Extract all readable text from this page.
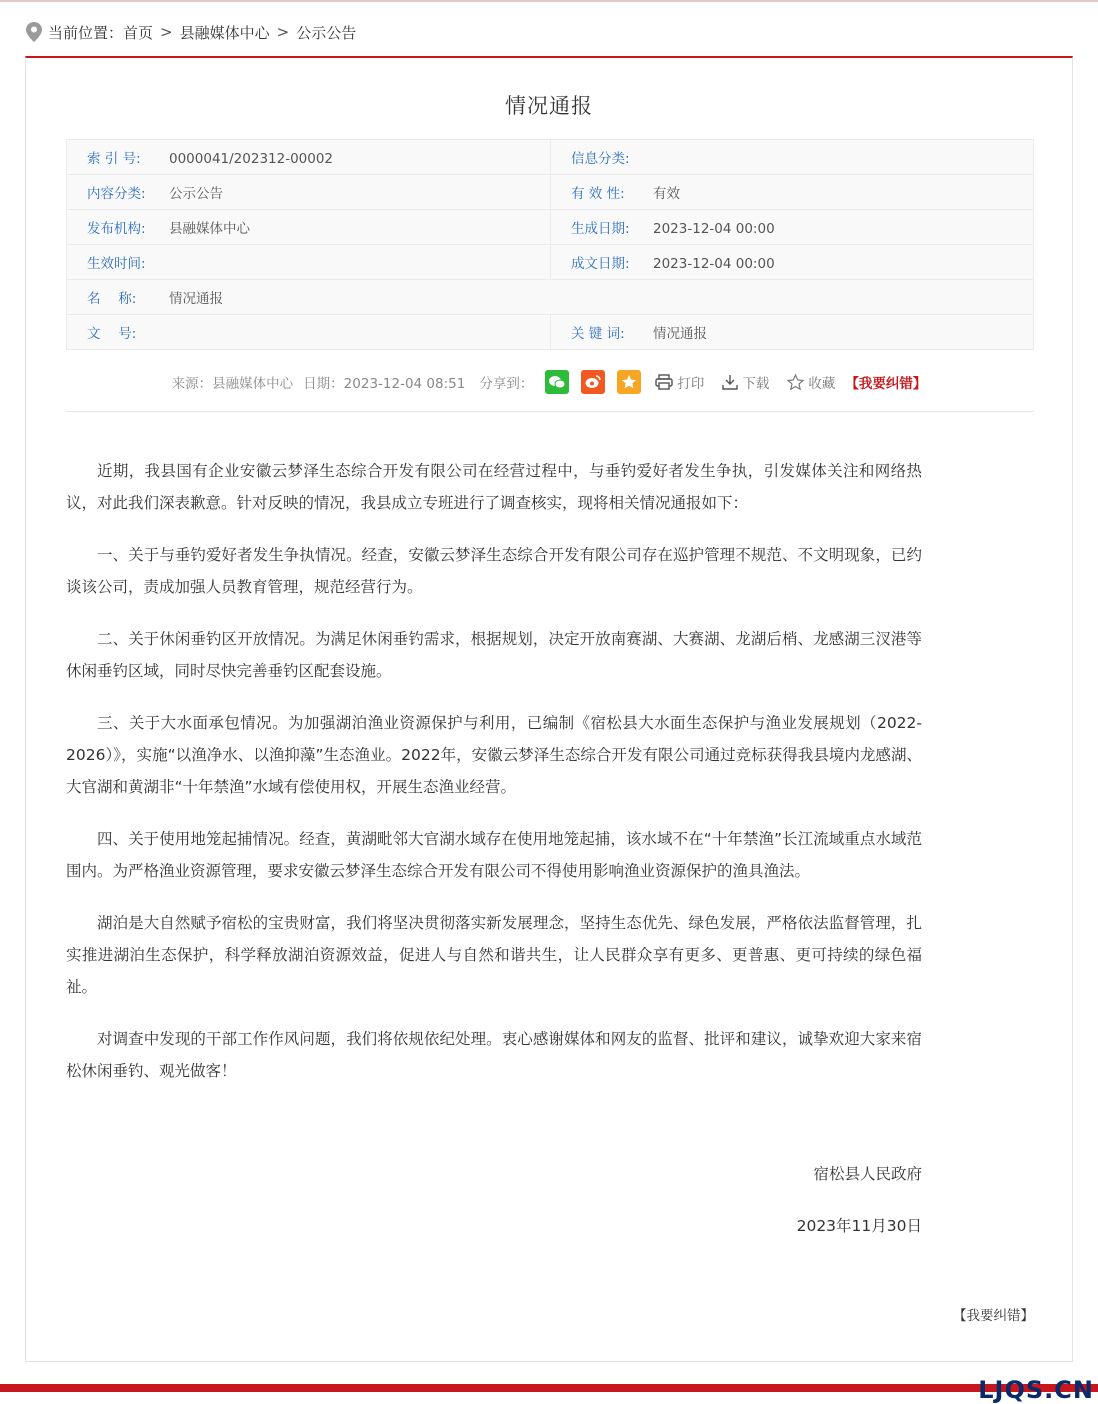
当前位置： 首页 > 县融媒体中心 > 公示公告
情况通报
索 引 号: 0000041/202312-00002	信息分类:
内容分类: 公示公告	有 效 性: 有效
发布机构: 县融媒体中心	生成日期: 2023-12-04 00:00
生效时间:	成文日期: 2023-12-04 00:00
名　 称: 情况通报	
文　 号:	关 键 词: 情况通报
来源：县融媒体中心 日期：2023-12-04 08:51 分享到：	打印	下载	收藏 【我要纠错】

近期，我县国有企业安徽云梦泽生态综合开发有限公司在经营过程中，与垂钓爱好者发生争执，引发媒体关注和网络热议，对此我们深表歉意。针对反映的情况，我县成立专班进行了调查核实，现将相关情况通报如下：

一、关于与垂钓爱好者发生争执情况。经查，安徽云梦泽生态综合开发有限公司存在巡护管理不规范、不文明现象，已约谈该公司，责成加强人员教育管理，规范经营行为。

二、关于休闲垂钓区开放情况。为满足休闲垂钓需求，根据规划，决定开放南赛湖、大赛湖、龙湖后梢、龙感湖三汊港等休闲垂钓区域，同时尽快完善垂钓区配套设施。

三、关于大水面承包情况。为加强湖泊渔业资源保护与利用，已编制《宿松县大水面生态保护与渔业发展规划（2022-2026）》，实施“以渔净水、以渔抑藻”生态渔业。2022年，安徽云梦泽生态综合开发有限公司通过竞标获得我县境内龙感湖、大官湖和黄湖非“十年禁渔”水域有偿使用权，开展生态渔业经营。

四、关于使用地笼起捕情况。经查，黄湖毗邻大官湖水域存在使用地笼起捕，该水域不在“十年禁渔”长江流域重点水域范围内。为严格渔业资源管理，要求安徽云梦泽生态综合开发有限公司不得使用影响渔业资源保护的渔具渔法。

湖泊是大自然赋予宿松的宝贵财富，我们将坚决贯彻落实新发展理念，坚持生态优先、绿色发展，严格依法监督管理，扎实推进湖泊生态保护，科学释放湖泊资源效益，促进人与自然和谐共生，让人民群众享有更多、更普惠、更可持续的绿色福祉。

对调查中发现的干部工作作风问题，我们将依规依纪处理。衷心感谢媒体和网友的监督、批评和建议，诚挚欢迎大家来宿松休闲垂钓、观光做客！

宿松县人民政府
2023年11月30日
【我要纠错】
LJQS.CN
